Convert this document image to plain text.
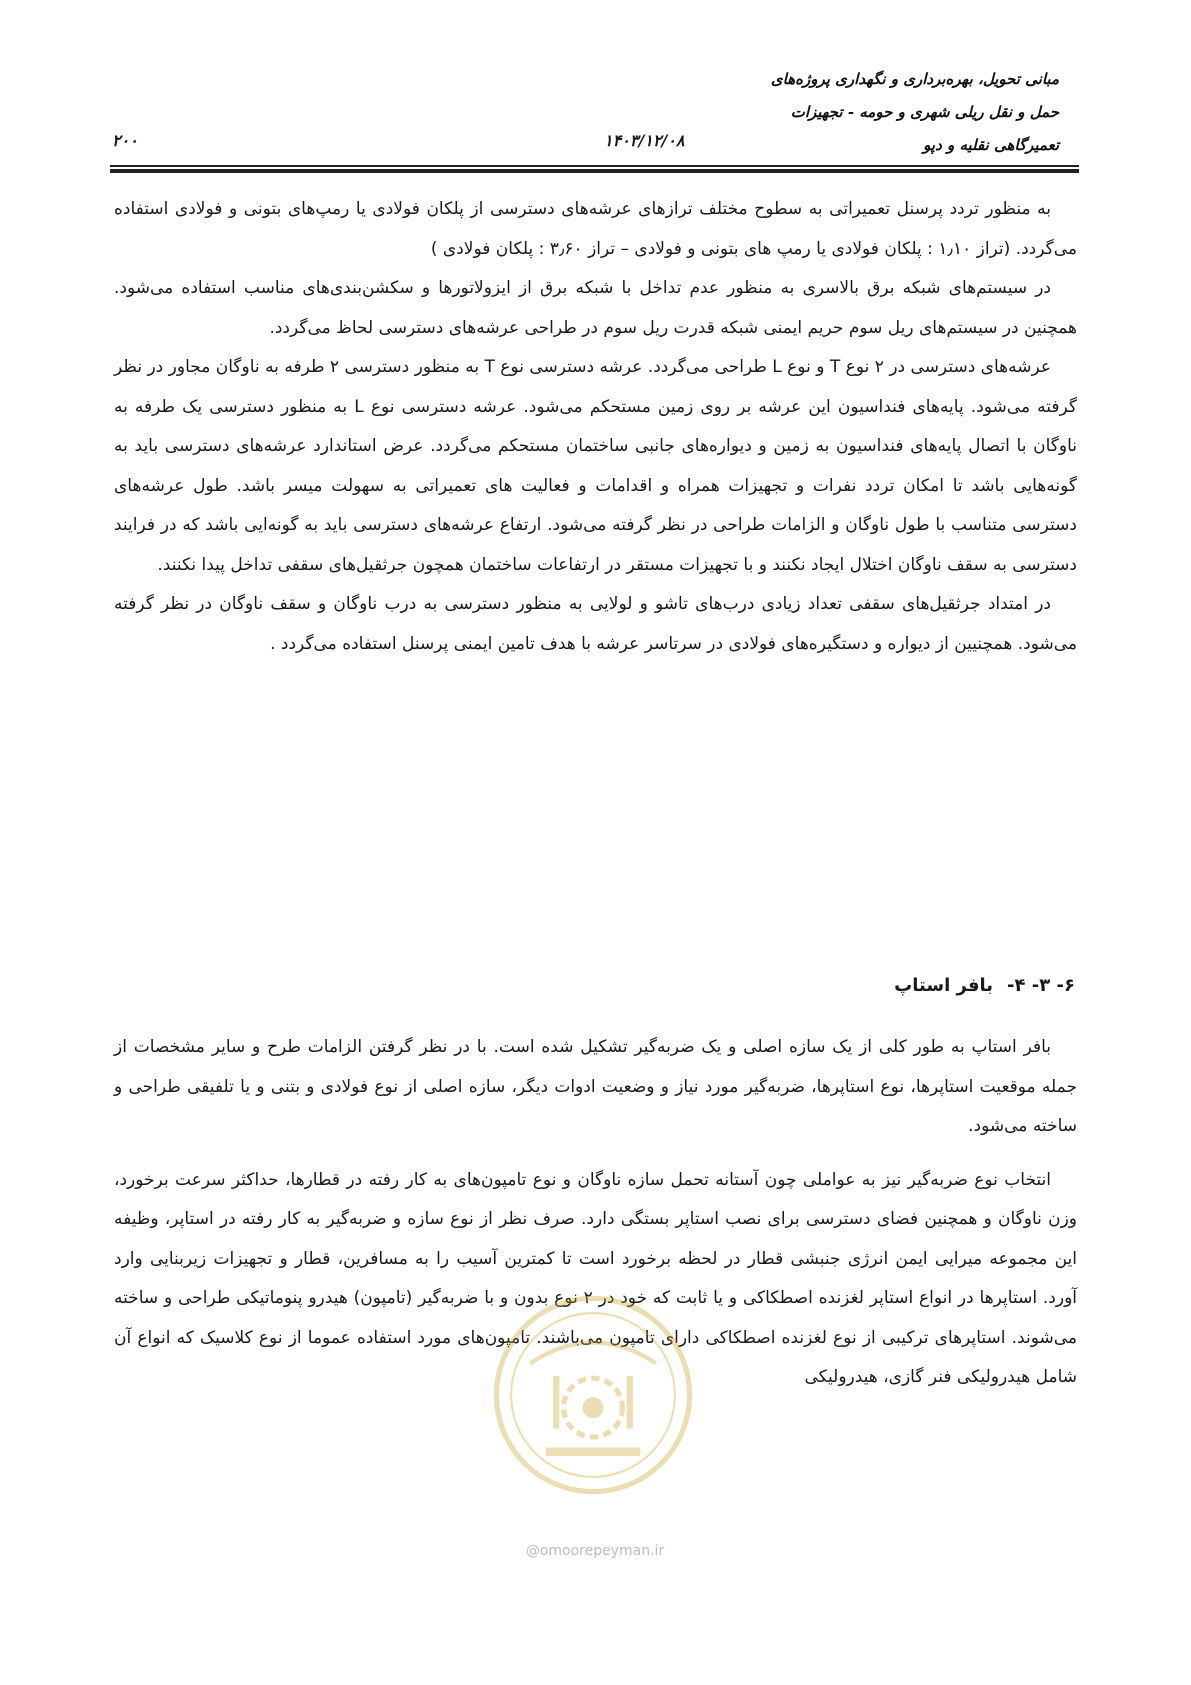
مبانی تحویل، بهره‌برداری و نگهداری پروژه‌های
حمل و نقل ریلی شهری و حومه - تجهیزات
تعمیرگاهی نقلیه و دپو
۱۴۰۳/۱۲/۰۸
۲۰۰

به منظور تردد پرسنل تعمیراتی به سطوح مختلف ترازهای عرشه‌های دسترسی از پلکان فولادی یا رمپ‌های بتونی و فولادی استفاده می‌گردد. (تراز ۱٫۱۰ : پلکان فولادی یا رمپ های بتونی و فولادی – تراز ۳٫۶۰ : پلکان فولادی )

در سیستم‌های شبکه برق بالاسری به منظور عدم تداخل با شبکه برق از ایزولاتورها و سکشن‌بندی‌های مناسب استفاده می‌شود. همچنین در سیستم‌های ریل سوم حریم ایمنی شبکه قدرت ریل سوم در طراحی عرشه‌های دسترسی لحاظ می‌گردد.

عرشه‌های دسترسی در ۲ نوع T و نوع L طراحی می‌گردد. عرشه دسترسی نوع T به منظور دسترسی ۲ طرفه به ناوگان مجاور در نظر گرفته می‌شود. پایه‌های فنداسیون این عرشه بر روی زمین مستحکم می‌شود. عرشه دسترسی نوع L به منظور دسترسی یک طرفه به ناوگان با اتصال پایه‌های فنداسیون به زمین و دیواره‌های جانبی ساختمان مستحکم می‌گردد. عرض استاندارد عرشه‌های دسترسی باید به گونه‌هایی باشد تا امکان تردد نفرات و تجهیزات همراه و اقدامات و فعالیت های تعمیراتی به سهولت میسر باشد. طول عرشه‌های دسترسی متناسب با طول ناوگان و الزامات طراحی در نظر گرفته می‌شود. ارتفاع عرشه‌های دسترسی باید به گونه‌ایی باشد که در فرایند دسترسی به سقف ناوگان اختلال ایجاد نکنند و با تجهیزات مستقر در ارتفاعات ساختمان همچون جرثقیل‌های سقفی تداخل پیدا نکنند.

در امتداد جرثقیل‌های سقفی تعداد زیادی درب‌های تاشو و لولایی به منظور دسترسی به درب ناوگان و سقف ناوگان در نظر گرفته می‌شود. همچنیین از دیواره و دستگیره‌های فولادی در سرتاسر عرشه با هدف تامین ایمنی پرسنل استفاده می‌گردد .

۶- ۳- ۴-بافر استاپ

بافر استاپ به طور کلی از یک سازه اصلی و یک ضربه‌گیر تشکیل شده است. با در نظر گرفتن الزامات طرح و سایر مشخصات از جمله موقعیت استاپرها، نوع استاپرها، ضربه‌گیر مورد نیاز و وضعیت ادوات دیگر، سازه اصلی از نوع فولادی و بتنی و یا تلفیقی طراحی و ساخته می‌شود.

انتخاب نوع ضربه‌گیر نیز به عواملی چون آستانه تحمل سازه ناوگان و نوع تامپون‌های به کار رفته در قطارها، حداکثر سرعت برخورد، وزن ناوگان و همچنین فضای دسترسی برای نصب استاپر بستگی دارد. صرف نظر از نوع سازه و ضربه‌گیر به کار رفته در استاپر، وظیفه این مجموعه میرایی ایمن انرژی جنبشی قطار در لحظه برخورد است تا کمترین آسیب را به مسافرین، قطار و تجهیزات زیربنایی وارد آورد. استاپرها در انواع استاپر لغزنده اصطکاکی و یا ثابت که خود در ۲ نوع بدون و با ضربه‌گیر (تامپون) هیدرو پنوماتیکی طراحی و ساخته می‌شوند. استاپرهای ترکیبی از نوع لغزنده اصطکاکی دارای تامپون می‌باشند. تامپون‌های مورد استفاده عموما از نوع کلاسیک که انواع آن شامل هیدرولیکی فنر گازی، هیدرولیکی

@omoorepeyman.ir
